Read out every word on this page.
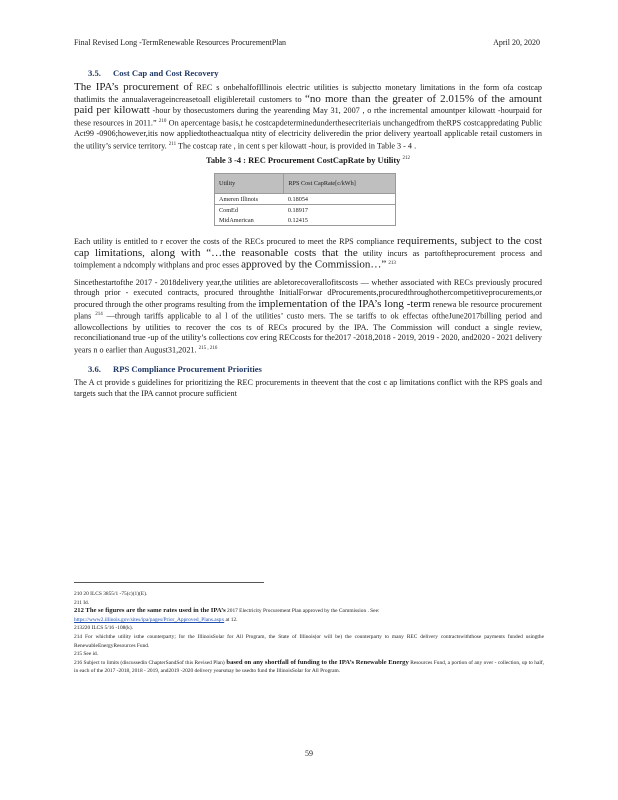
Final Revised Long -TermRenewable Resources ProcurementPlan	April 20, 2020
3.5. Cost Cap and Cost Recovery

The IPA’s procurement of REC s onbehalfofIllinois electric utilities is subjectto monetary limitations in the form ofa costcap thatlimits the annualaverageincreasetoall eligibleretail customers to “no more than the greater of 2.015% of the amount paid per kilowatt -hour by thosecustomers during the yearending May 31, 2007 , o rthe incremental amountper kilowatt -hourpaid for these resources in 2011.” $^{210}$ On apercentage basis,t he costcapdeterminedunderthesecriteriais unchangedfrom theRPS costcappredating Public Act99 -0906;however,itis now appliedtotheactualqua ntity of electricity deliveredin the prior delivery yeartoall applicable retail customers in the utility’s service territory. $^{211}$ The costcap rate , in cent s per kilowatt -hour, is provided in Table 3 - 4 .

Table 3 -4 : REC Procurement CostCapRate by Utility $^{212}$
Utility	RPS Cost CapRate[c/kWh]
Ameren Illinois	0.18054
ComEd	0.18917
MidAmerican	0.12415

Each utility is entitled to r ecover the costs of the RECs procured to meet the RPS compliance requirements, subject to the cost cap limitations, along with “…the reasonable costs that the utility incurs as partoftheprocurement process and toimplement a ndcomply withplans and proc esses approved by the Commission…” $^{213}$

Sincethestartofthe 2017 - 2018delivery year,the utilities are abletorecoverallofitscosts — whether associated with RECs previously procured through prior - executed contracts, procured throughthe InitialForwar dProcurements,procuredthroughothercompetitiveprocurements,or procured through the other programs resulting from the implementation of the IPA’s long -term renewa ble resource procurement plans $^{214}$ —through tariffs applicable to al l of the utilities’ custo mers. The se tariffs to ok effectas oftheJune2017billing period and allowcollections by utilities to recover the cos ts of RECs procured by the IPA. The Commission will conduct a single review, reconciliationand true -up of the utility’s collections cov ering RECcosts for the2017 -2018,2018 - 2019, 2019 - 2020, and2020 - 2021 delivery years n o earlier than August31,2021. $^{215 , 216}$

3.6. RPS Compliance Procurement Priorities

The A ct provide s guidelines for prioritizing the REC procurements in theevent that the cost c ap limitations conflict with the RPS goals and targets such that the IPA cannot procure sufficient

210 20 ILCS 3855/1 -75(c)(1)(E).

211 Id.

212 The se figures are the same rates used in the IPA’s 2017 Electricity Procurement Plan approved by the Commission . See:
https://www2.illinois.gov/sites/ipa/pages/Prior_Approved_Plans.aspx at 12.

213220 ILCS 5/16 -108(k).

214 For whichthe utility isthe counterparty; for the IllinoisSolar for All Program, the State of Illinois(or will be) the counterparty to many REC delivery contractswiththose payments funded usingthe RenewableEnergyResources Fund.

215 See id.

216 Subject to limits (discussedin ChapterSandSof this Revised Plan) based on any shortfall of funding to the IPA’s Renewable Energy Resources Fund, a portion of any over - collection, up to half, in each of the 2017 -2018, 2018 - 2019, and2019 -2020 delivery yearsmay be usedto fund the IllinoisSolar for All Program.

59
